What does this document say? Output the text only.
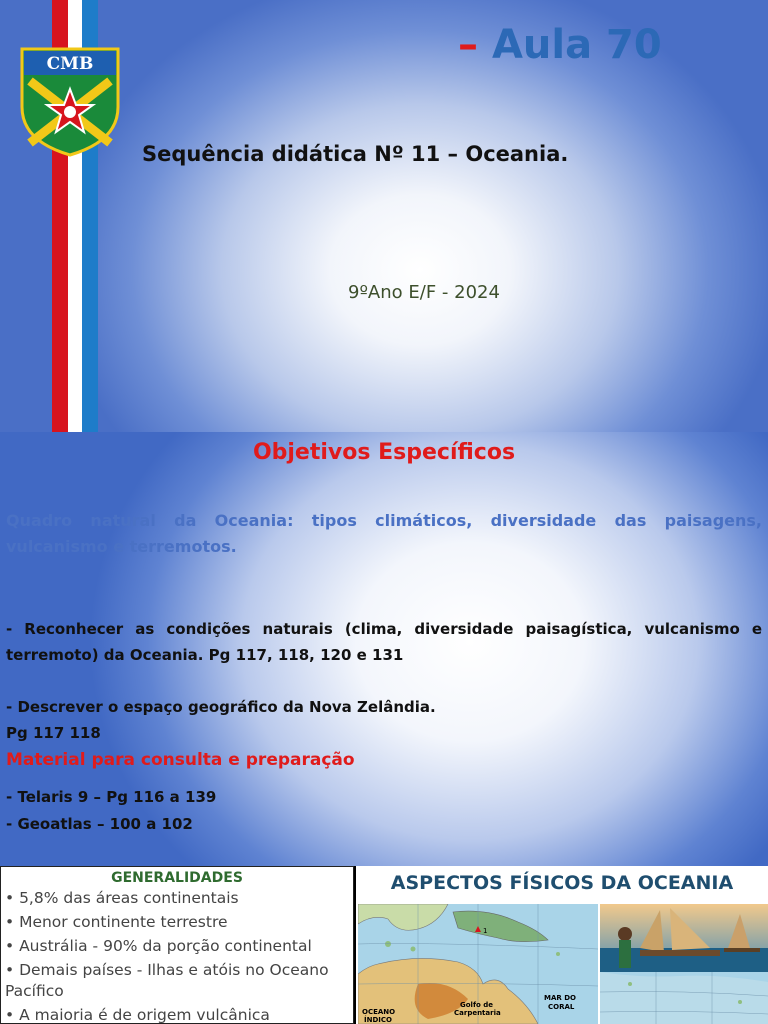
CMB	– Aula 70
Sequência didática Nº 11 – Oceania.
9ºAno E/F - 2024
Objetivos Específicos
Quadro natural da Oceania: tipos climáticos, diversidade das paisagens, vulcanismo e terremotos.
- Reconhecer as condições naturais (clima, diversidade paisagística, vulcanismo e terremoto) da Oceania. Pg 117, 118, 120 e 131
- Descrever o espaço geográfico da Nova Zelândia.
Pg 117 118
Material para consulta e preparação
- Telaris 9 – Pg 116 a 139
- Geoatlas – 100 a 102
GENERALIDADES
• 5,8% das áreas continentais
• Menor continente terrestre
• Austrália - 90% da porção continental
• Demais países - Ilhas e atóis no Oceano Pacífico
• A maioria é de origem vulcânica
ASPECTOS FÍSICOS DA OCEANIA
1
Golfo de
Carpentaria
MAR DO
CORAL
OCEANO
ÍNDICO
